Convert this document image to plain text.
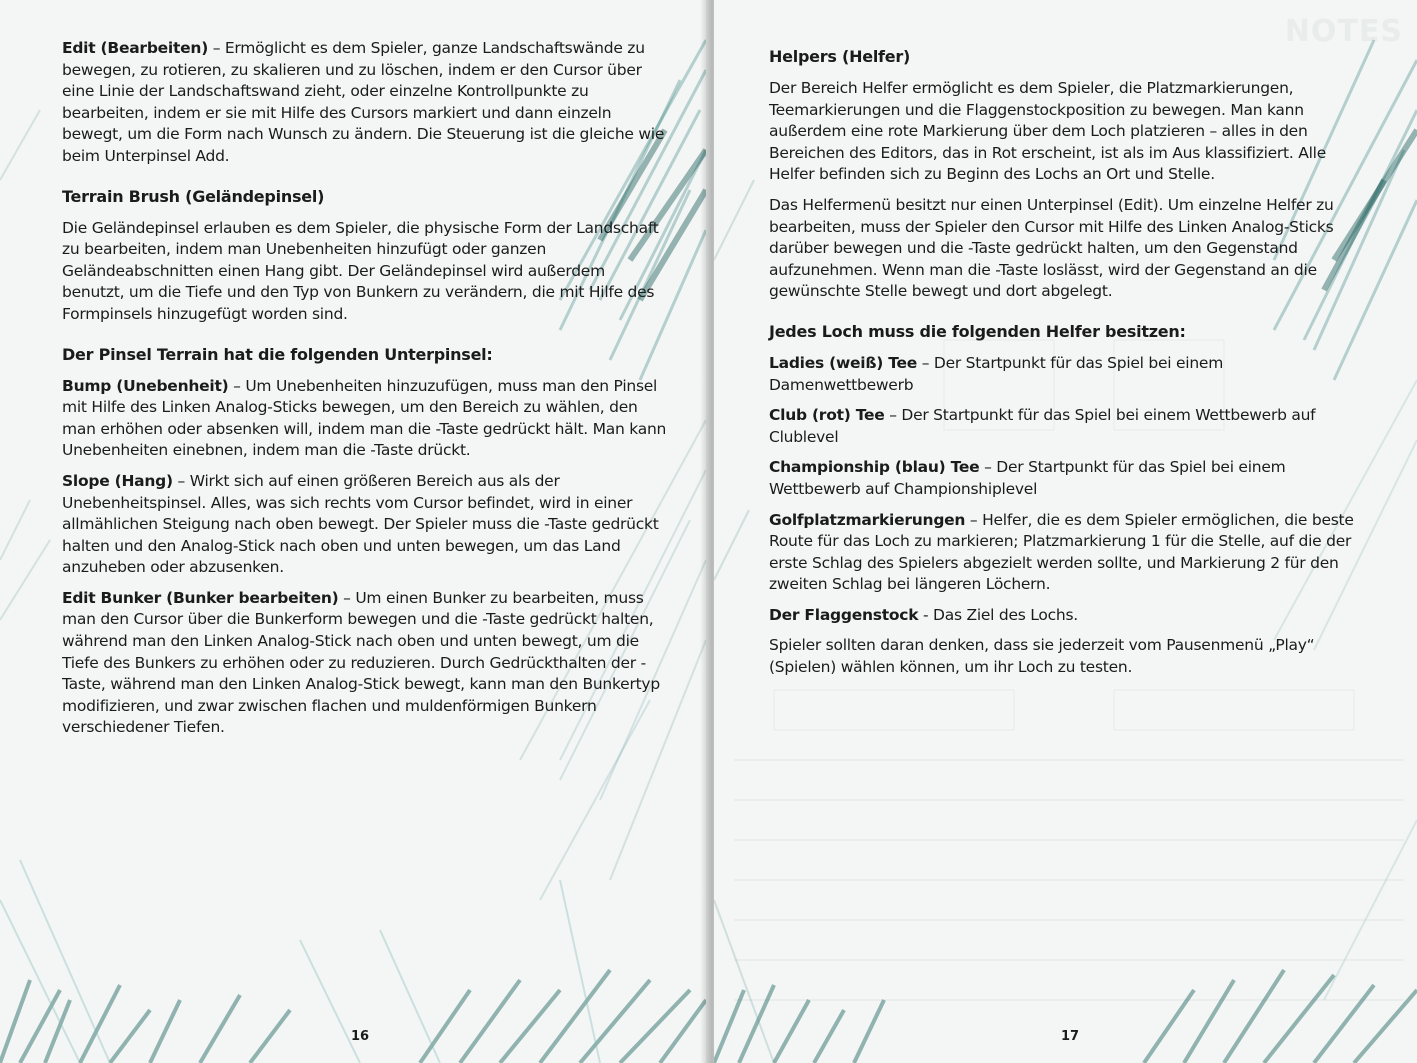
Edit (Bearbeiten) – Ermöglicht es dem Spieler, ganze Landschaftswände zu bewegen, zu rotieren, zu skalieren und zu löschen, indem er den Cursor über eine Linie der Landschaftswand zieht, oder einzelne Kontrollpunkte zu bearbeiten, indem er sie mit Hilfe des Cursors markiert und dann einzeln bewegt, um die Form nach Wunsch zu ändern. Die Steuerung ist die gleiche wie beim Unterpinsel Add.

Terrain Brush (Geländepinsel)

Die Geländepinsel erlauben es dem Spieler, die physische Form der Landschaft zu bearbeiten, indem man Unebenheiten hinzufügt oder ganzen Geländeabschnitten einen Hang gibt. Der Geländepinsel wird außerdem benutzt, um die Tiefe und den Typ von Bunkern zu verändern, die mit Hilfe des Formpinsels hinzugefügt worden sind.

Der Pinsel Terrain hat die folgenden Unterpinsel:

Bump (Unebenheit) – Um Unebenheiten hinzuzufügen, muss man den Pinsel mit Hilfe des Linken Analog-Sticks bewegen, um den Bereich zu wählen, den man erhöhen oder absenken will, indem man die -Taste gedrückt hält. Man kann Unebenheiten einebnen, indem man die -Taste drückt.

Slope (Hang) – Wirkt sich auf einen größeren Bereich aus als der Unebenheitspinsel. Alles, was sich rechts vom Cursor befindet, wird in einer allmählichen Steigung nach oben bewegt. Der Spieler muss die -Taste gedrückt halten und den Analog-Stick nach oben und unten bewegen, um das Land anzuheben oder abzusenken.

Edit Bunker (Bunker bearbeiten) – Um einen Bunker zu bearbeiten, muss man den Cursor über die Bunkerform bewegen und die -Taste gedrückt halten, während man den Linken Analog-Stick nach oben und unten bewegt, um die Tiefe des Bunkers zu erhöhen oder zu reduzieren. Durch Gedrückthalten der -Taste, während man den Linken Analog-Stick bewegt, kann man den Bunkertyp modifizieren, und zwar zwischen flachen und muldenförmigen Bunkern verschiedener Tiefen.

16
NOTES
Helpers (Helfer)

Der Bereich Helfer ermöglicht es dem Spieler, die Platzmarkierungen, Teemarkierungen und die Flaggenstockposition zu bewegen. Man kann außerdem eine rote Markierung über dem Loch platzieren – alles in den Bereichen des Editors, das in Rot erscheint, ist als im Aus klassifiziert. Alle Helfer befinden sich zu Beginn des Lochs an Ort und Stelle.

Das Helfermenü besitzt nur einen Unterpinsel (Edit). Um einzelne Helfer zu bearbeiten, muss der Spieler den Cursor mit Hilfe des Linken Analog-Sticks darüber bewegen und die -Taste gedrückt halten, um den Gegenstand aufzunehmen. Wenn man die -Taste loslässt, wird der Gegenstand an die gewünschte Stelle bewegt und dort abgelegt.

Jedes Loch muss die folgenden Helfer besitzen:

Ladies (weiß) Tee – Der Startpunkt für das Spiel bei einem Damenwettbewerb

Club (rot) Tee – Der Startpunkt für das Spiel bei einem Wettbewerb auf Clublevel

Championship (blau) Tee – Der Startpunkt für das Spiel bei einem Wettbewerb auf Championshiplevel

Golfplatzmarkierungen – Helfer, die es dem Spieler ermöglichen, die beste Route für das Loch zu markieren; Platzmarkierung 1 für die Stelle, auf die der erste Schlag des Spielers abgezielt werden sollte, und Markierung 2 für den zweiten Schlag bei längeren Löchern.

Der Flaggenstock - Das Ziel des Lochs.

Spieler sollten daran denken, dass sie jederzeit vom Pausenmenü „Play“ (Spielen) wählen können, um ihr Loch zu testen.

17
